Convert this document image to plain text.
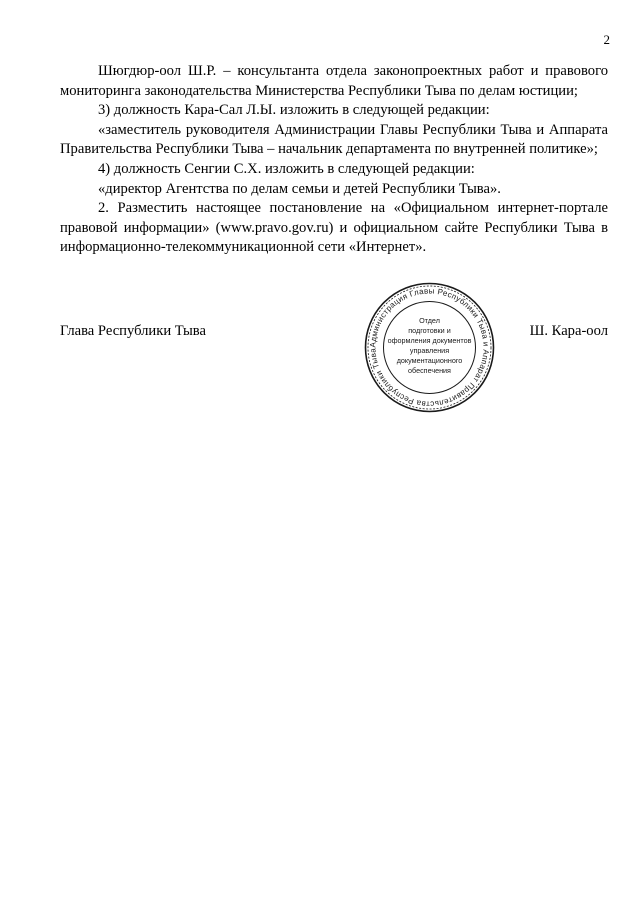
2

Шюгдюр-оол Ш.Р. – консультанта отдела законопроектных работ и правового мониторинга законодательства Министерства Республики Тыва по делам юстиции;

3) должность Кара-Сал Л.Ы. изложить в следующей редакции:

«заместитель руководителя Администрации Главы Республики Тыва и Аппарата Правительства Республики Тыва – начальник департамента по внутренней политике»;

4) должность Сенгии С.Х. изложить в следующей редакции:

«директор Агентства по делам семьи и детей Республики Тыва».

2. Разместить настоящее постановление на «Официальном интернет-портале правовой информации» (www.pravo.gov.ru) и официальном сайте Республики Тыва в информационно-телекоммуникационной сети «Интернет».

Глава Республики Тыва	Ш. Кара-оол
Администрация Главы Республики Тыва и Аппарат Правительства Республики Тыва
Отдел
подготовки и
оформления документов
управления
документационного
обеспечения
